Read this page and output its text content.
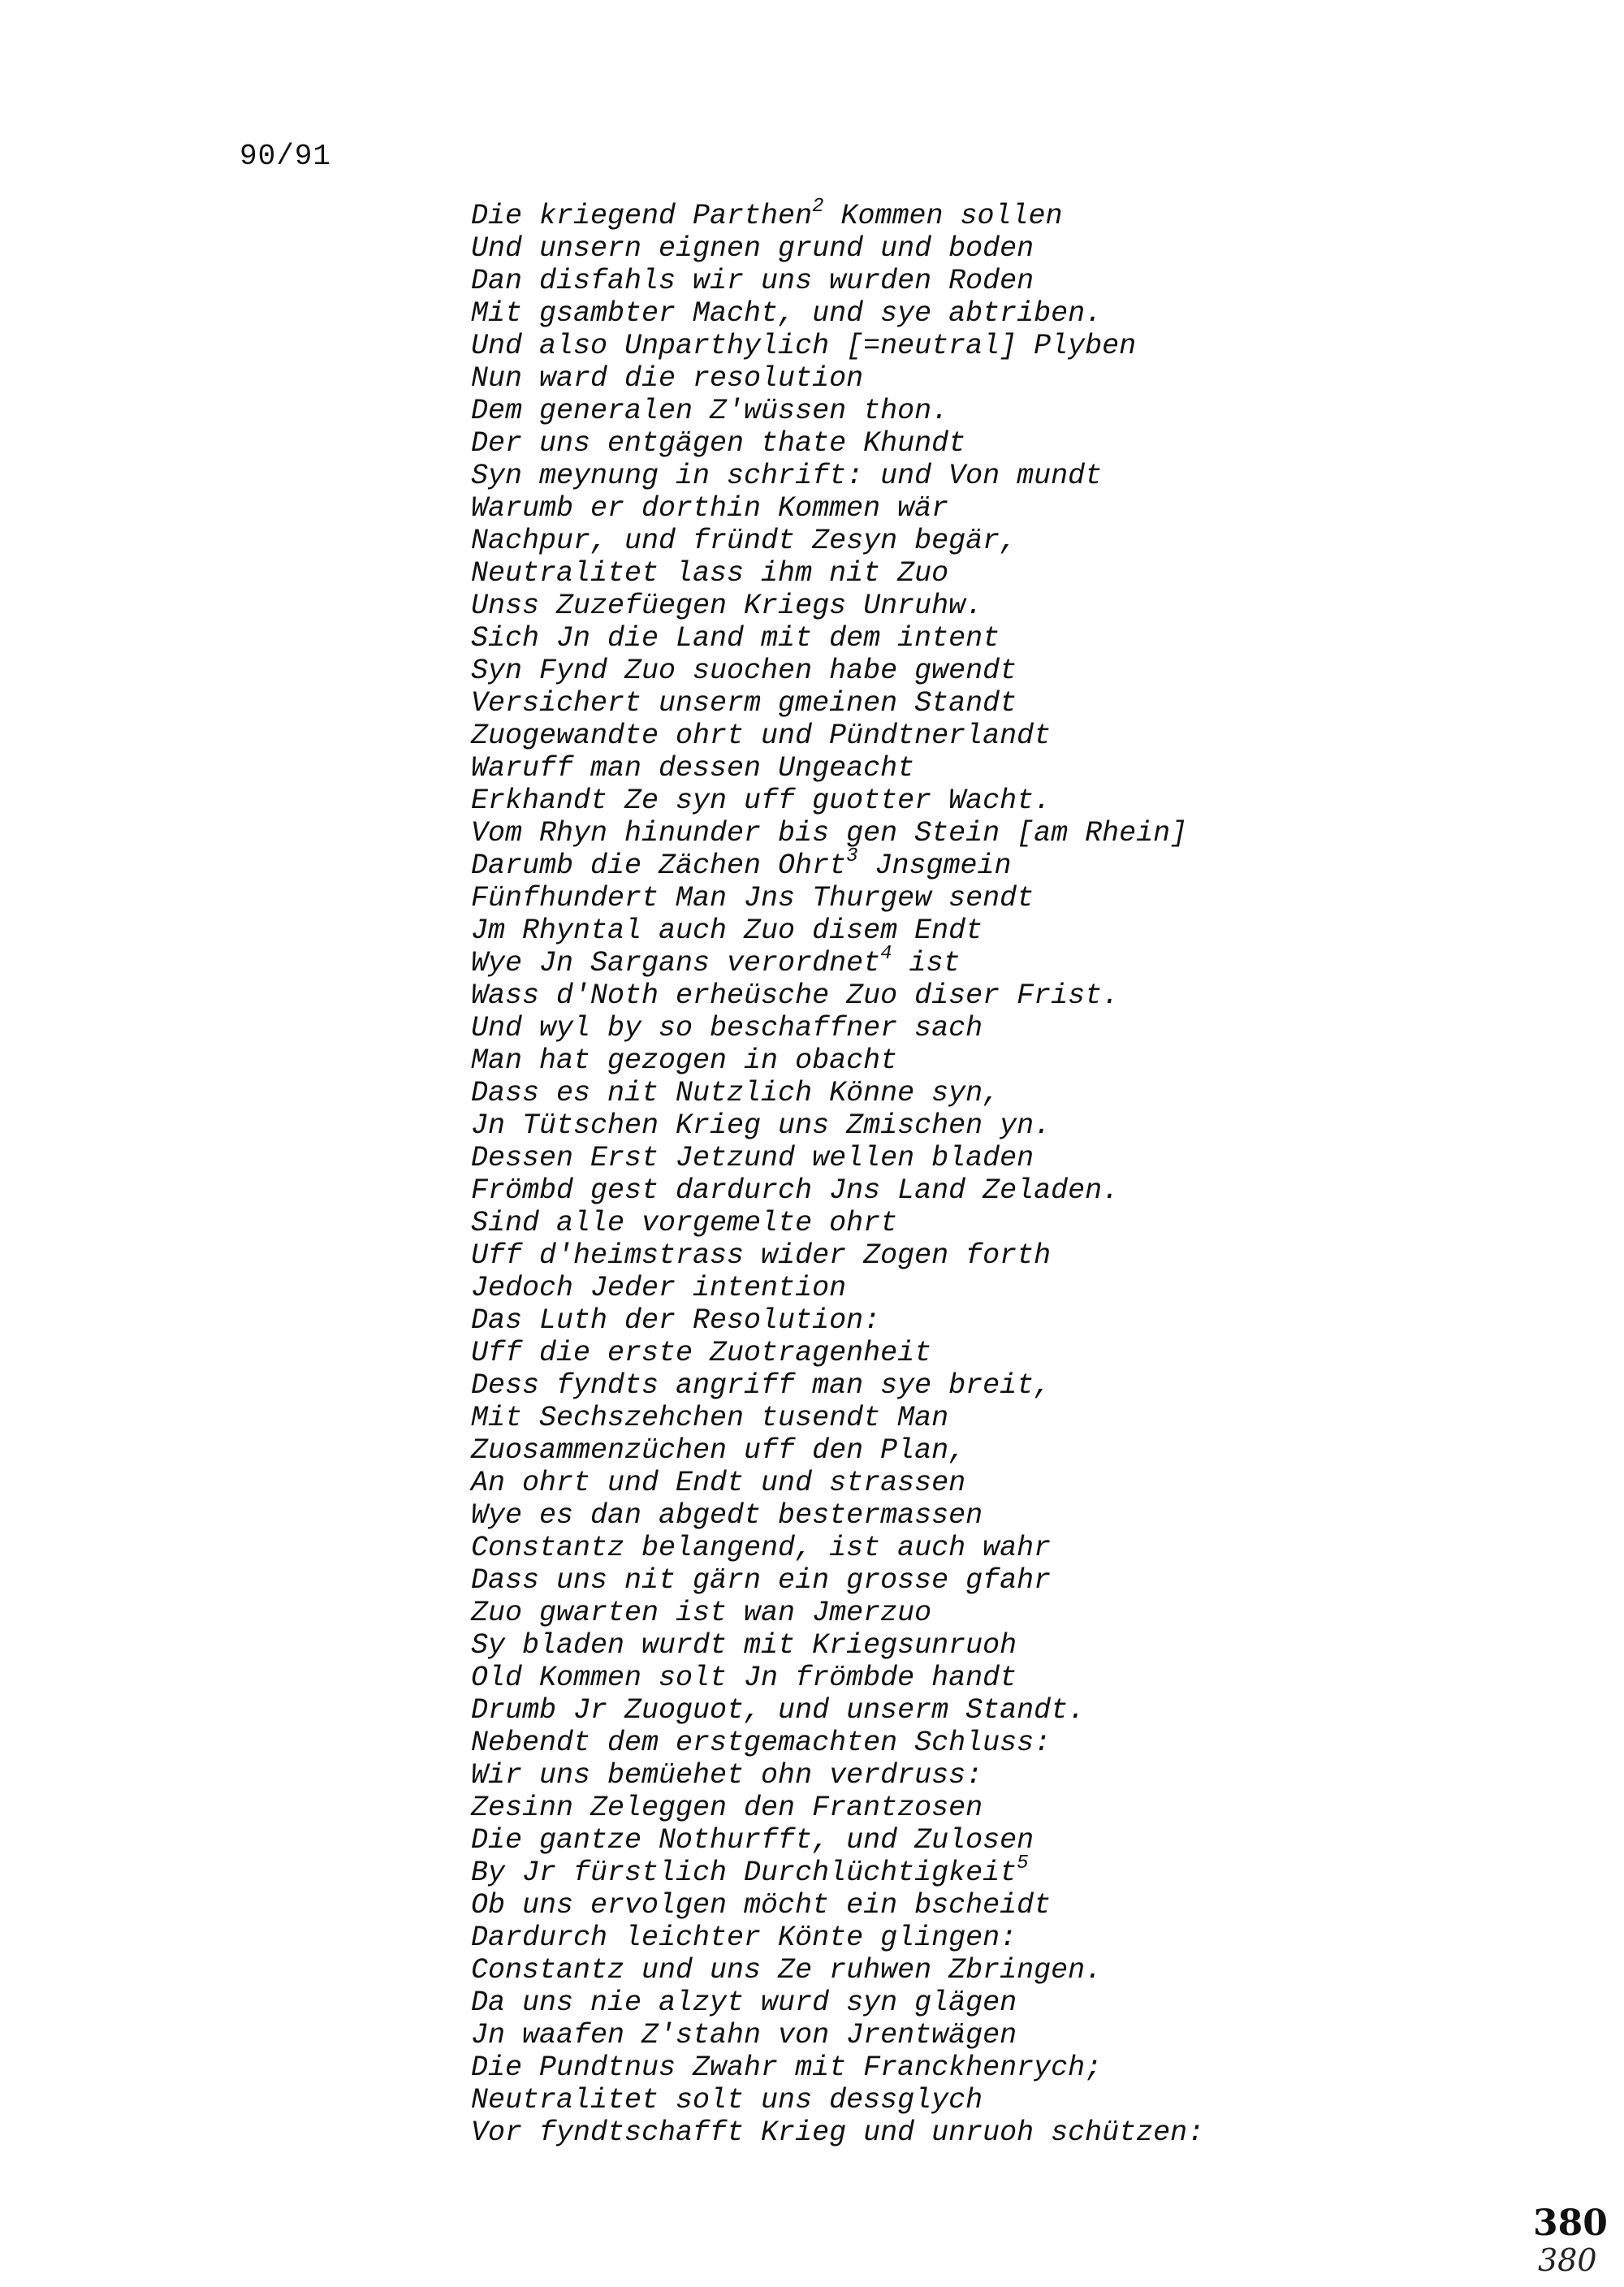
90/91
Die kriegend Parthen$^2$ Kommen sollen
Und unsern eignen grund und boden
Dan disfahls wir uns wurden Roden
Mit gsambter Macht, und sye abtriben.
Und also Unparthylich [=neutral] Plyben
Nun ward die resolution
Dem generalen Z'wüssen thon.
Der uns entgägen thate Khundt
Syn meynung in schrift: und Von mundt
Warumb er dorthin Kommen wär
Nachpur, und fründt Zesyn begär,
Neutralitet lass ihm nit Zuo
Unss Zuzefüegen Kriegs Unruhw.
Sich Jn die Land mit dem intent
Syn Fynd Zuo suochen habe gwendt
Versichert unserm gmeinen Standt
Zuogewandte ohrt und Pündtnerlandt
Waruff man dessen Ungeacht
Erkhandt Ze syn uff guotter Wacht.
Vom Rhyn hinunder bis gen Stein [am Rhein]
Darumb die Zächen Ohrt$^3$ Jnsgmein
Fünfhundert Man Jns Thurgew sendt
Jm Rhyntal auch Zuo disem Endt
Wye Jn Sargans verordnet$^4$ ist
Wass d'Noth erheüsche Zuo diser Frist.
Und wyl by so beschaffner sach
Man hat gezogen in obacht
Dass es nit Nutzlich Könne syn,
Jn Tütschen Krieg uns Zmischen yn.
Dessen Erst Jetzund wellen bladen
Frömbd gest dardurch Jns Land Zeladen.
Sind alle vorgemelte ohrt
Uff d'heimstrass wider Zogen forth
Jedoch Jeder intention
Das Luth der Resolution:
Uff die erste Zuotragenheit
Dess fyndts angriff man sye breit,
Mit Sechszehchen tusendt Man
Zuosammenzüchen uff den Plan,
An ohrt und Endt und strassen
Wye es dan abgedt bestermassen
Constantz belangend, ist auch wahr
Dass uns nit gärn ein grosse gfahr
Zuo gwarten ist wan Jmerzuo
Sy bladen wurdt mit Kriegsunruoh
Old Kommen solt Jn frömbde handt
Drumb Jr Zuoguot, und unserm Standt.
Nebendt dem erstgemachten Schluss:
Wir uns bemüehet ohn verdruss:
Zesinn Zeleggen den Frantzosen
Die gantze Nothurfft, und Zulosen
By Jr fürstlich Durchlüchtigkeit$^5$
Ob uns ervolgen möcht ein bscheidt
Dardurch leichter Könte glingen:
Constantz und uns Ze ruhwen Zbringen.
Da uns nie alzyt wurd syn glägen
Jn waafen Z'stahn von Jrentwägen
Die Pundtnus Zwahr mit Franckhenrych;
Neutralitet solt uns dessglych
Vor fyndtschafft Krieg und unruoh schützen:
380
380
